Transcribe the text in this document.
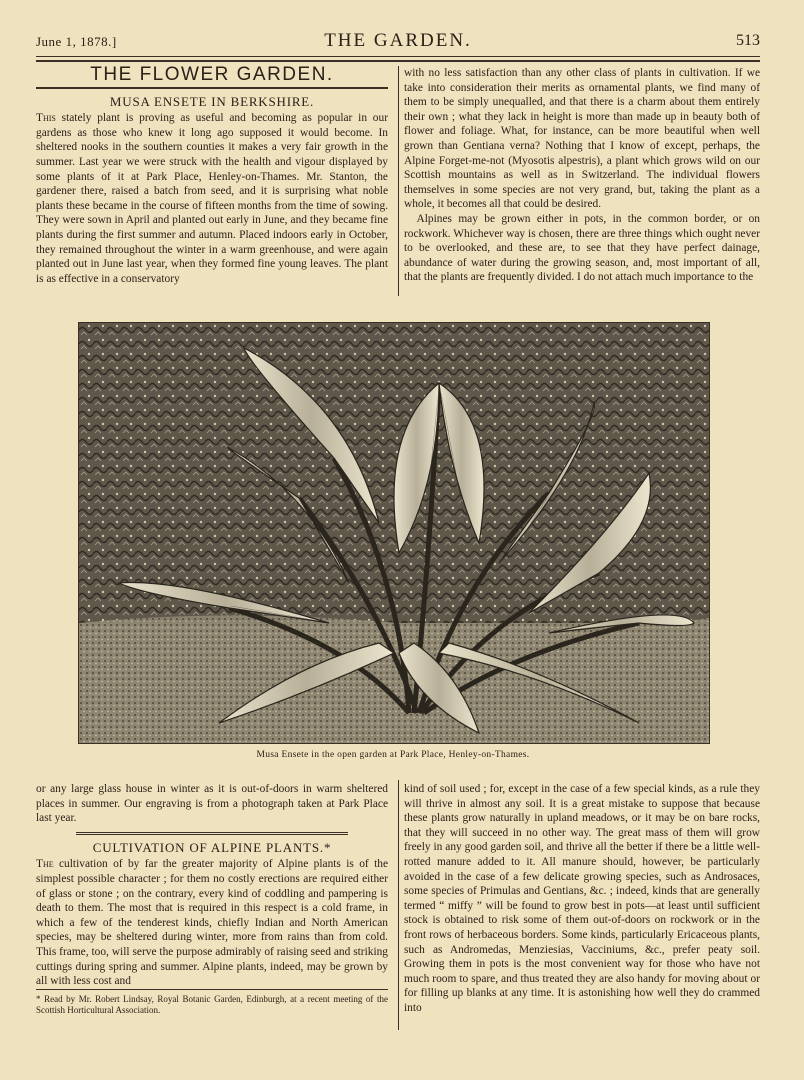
June 1, 1878.]	THE GARDEN.	513
THE FLOWER GARDEN.
MUSA ENSETE IN BERKSHIRE.

This stately plant is proving as useful and becoming as popular in our gardens as those who knew it long ago supposed it would become. In sheltered nooks in the southern counties it makes a very fair growth in the summer. Last year we were struck with the health and vigour displayed by some plants of it at Park Place, Henley-on-Thames. Mr. Stanton, the gardener there, raised a batch from seed, and it is surprising what noble plants these became in the course of fifteen months from the time of sowing. They were sown in April and planted out early in June, and they became fine plants during the first summer and autumn. Placed indoors early in October, they remained throughout the winter in a warm greenhouse, and were again planted out in June last year, when they formed fine young leaves. The plant is as effective in a conservatory

with no less satisfaction than any other class of plants in cultivation. If we take into consideration their merits as ornamental plants, we find many of them to be simply unequalled, and that there is a charm about them entirely their own ; what they lack in height is more than made up in beauty both of flower and foliage. What, for instance, can be more beautiful when well grown than Gentiana verna? Nothing that I know of except, perhaps, the Alpine Forget-me-not (Myosotis alpestris), a plant which grows wild on our Scottish mountains as well as in Switzerland. The individual flowers themselves in some species are not very grand, but, taking the plant as a whole, it becomes all that could be desired.

Alpines may be grown either in pots, in the common border, or on rockwork. Whichever way is chosen, there are three things which ought never to be overlooked, and these are, to see that they have perfect dainage, abundance of water during the growing season, and, most important of all, that the plants are frequently divided. I do not attach much importance to the

Musa Ensete in the open garden at Park Place, Henley-on-Thames.

or any large glass house in winter as it is out-of-doors in warm sheltered places in summer. Our engraving is from a photograph taken at Park Place last year.

CULTIVATION OF ALPINE PLANTS.*

The cultivation of by far the greater majority of Alpine plants is of the simplest possible character ; for them no costly erections are required either of glass or stone ; on the contrary, every kind of coddling and pampering is death to them. The most that is required in this respect is a cold frame, in which a few of the tenderest kinds, chiefly Indian and North American species, may be sheltered during winter, more from rains than from cold. This frame, too, will serve the purpose admirably of raising seed and striking cuttings during spring and summer. Alpine plants, indeed, may be grown by all with less cost and

* Read by Mr. Robert Lindsay, Royal Botanic Garden, Edinburgh, at a recent meeting of the Scottish Horticultural Association.

kind of soil used ; for, except in the case of a few special kinds, as a rule they will thrive in almost any soil. It is a great mistake to suppose that because these plants grow naturally in upland meadows, or it may be on bare rocks, that they will succeed in no other way. The great mass of them will grow freely in any good garden soil, and thrive all the better if there be a little well-rotted manure added to it. All manure should, however, be particularly avoided in the case of a few delicate growing species, such as Androsaces, some species of Primulas and Gentians, &c. ; indeed, kinds that are generally termed “ miffy ” will be found to grow best in pots—at least until sufficient stock is obtained to risk some of them out-of-doors on rockwork or in the front rows of herbaceous borders. Some kinds, particularly Ericaceous plants, such as Andromedas, Menziesias, Vacciniums, &c., prefer peaty soil. Growing them in pots is the most convenient way for those who have not much room to spare, and thus treated they are also handy for moving about or for filling up blanks at any time. It is astonishing how well they do crammed into
